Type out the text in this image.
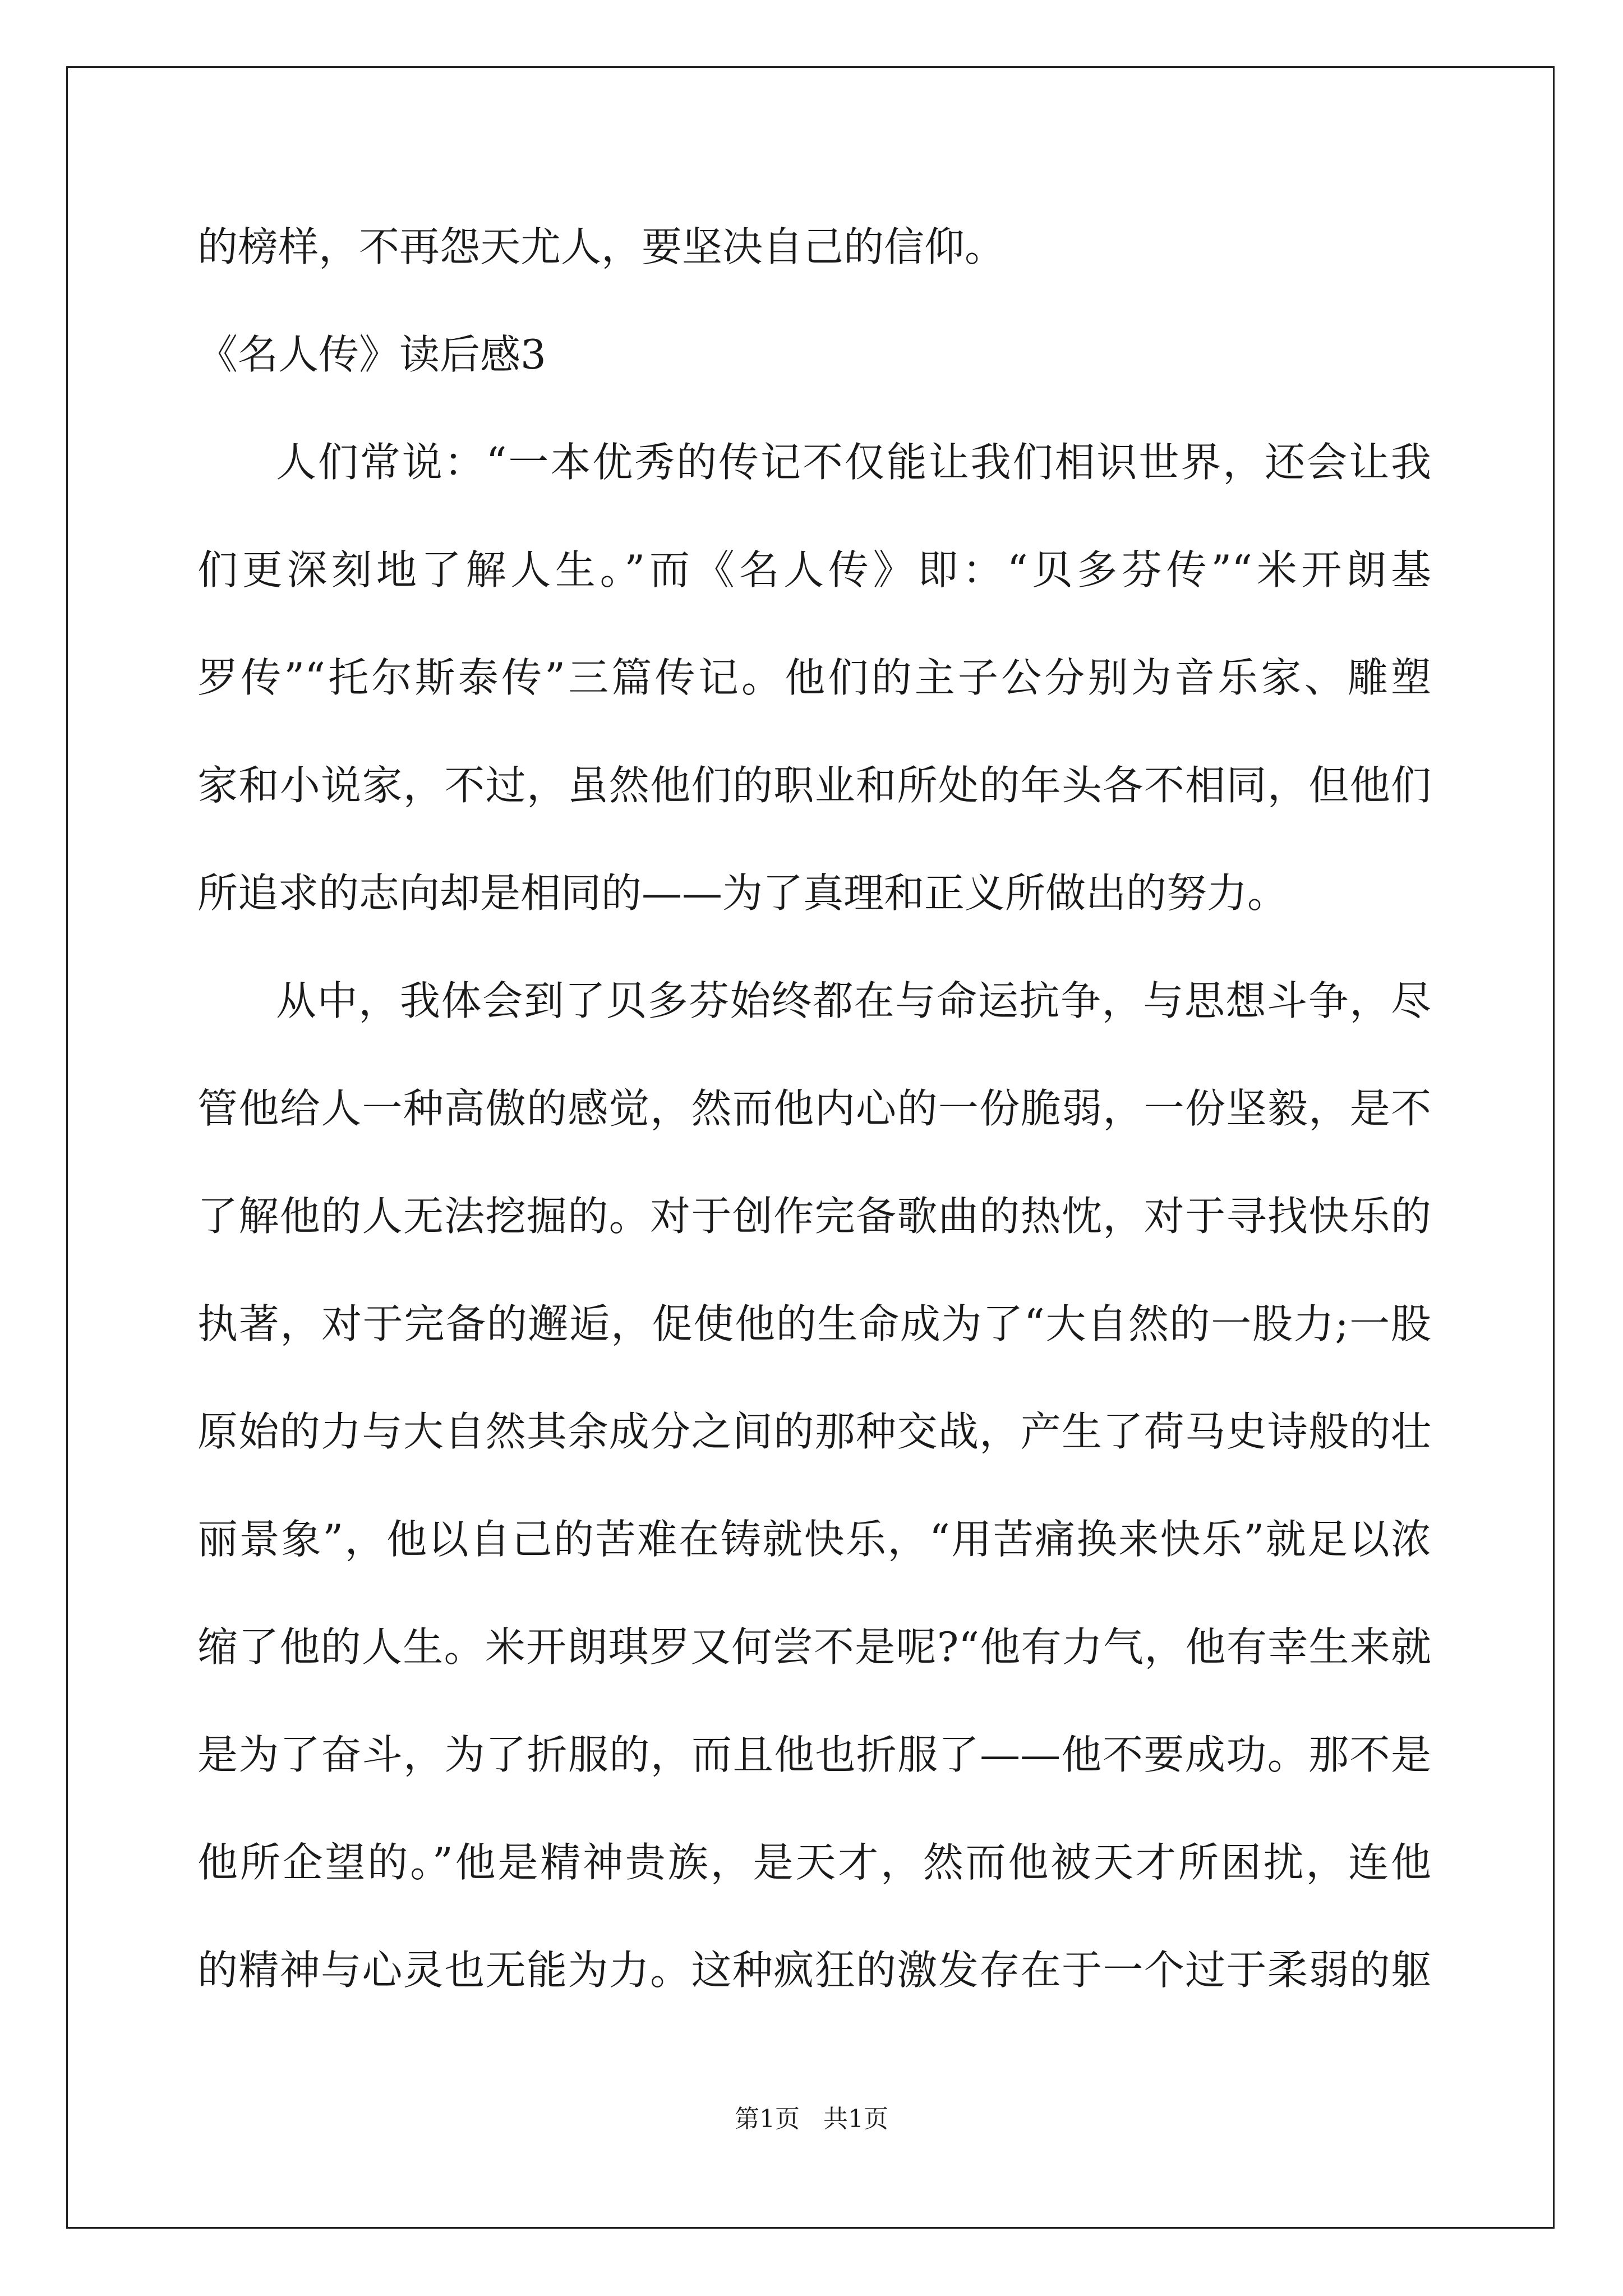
的榜样，不再怨天尤人，要坚决自己的信仰。
《名人传》读后感3
人们常说：“一本优秀的传记不仅能让我们相识世界，还会让我
们更深刻地了解人生。”而《名人传》即：“贝多芬传”“米开朗基
罗传”“托尔斯泰传”三篇传记。他们的主子公分别为音乐家、雕塑
家和小说家，不过，虽然他们的职业和所处的年头各不相同，但他们
所追求的志向却是相同的——为了真理和正义所做出的努力。
从中，我体会到了贝多芬始终都在与命运抗争，与思想斗争，尽
管他给人一种高傲的感觉，然而他内心的一份脆弱，一份坚毅，是不
了解他的人无法挖掘的。对于创作完备歌曲的热忱，对于寻找快乐的
执著，对于完备的邂逅，促使他的生命成为了“大自然的一股力;一股
原始的力与大自然其余成分之间的那种交战，产生了荷马史诗般的壮
丽景象”，他以自己的苦难在铸就快乐，“用苦痛换来快乐”就足以浓
缩了他的人生。米开朗琪罗又何尝不是呢?“他有力气，他有幸生来就
是为了奋斗，为了折服的，而且他也折服了——他不要成功。那不是
他所企望的。”他是精神贵族，是天才，然而他被天才所困扰，连他
的精神与心灵也无能为力。这种疯狂的激发存在于一个过于柔弱的躯
第1页   共1页
